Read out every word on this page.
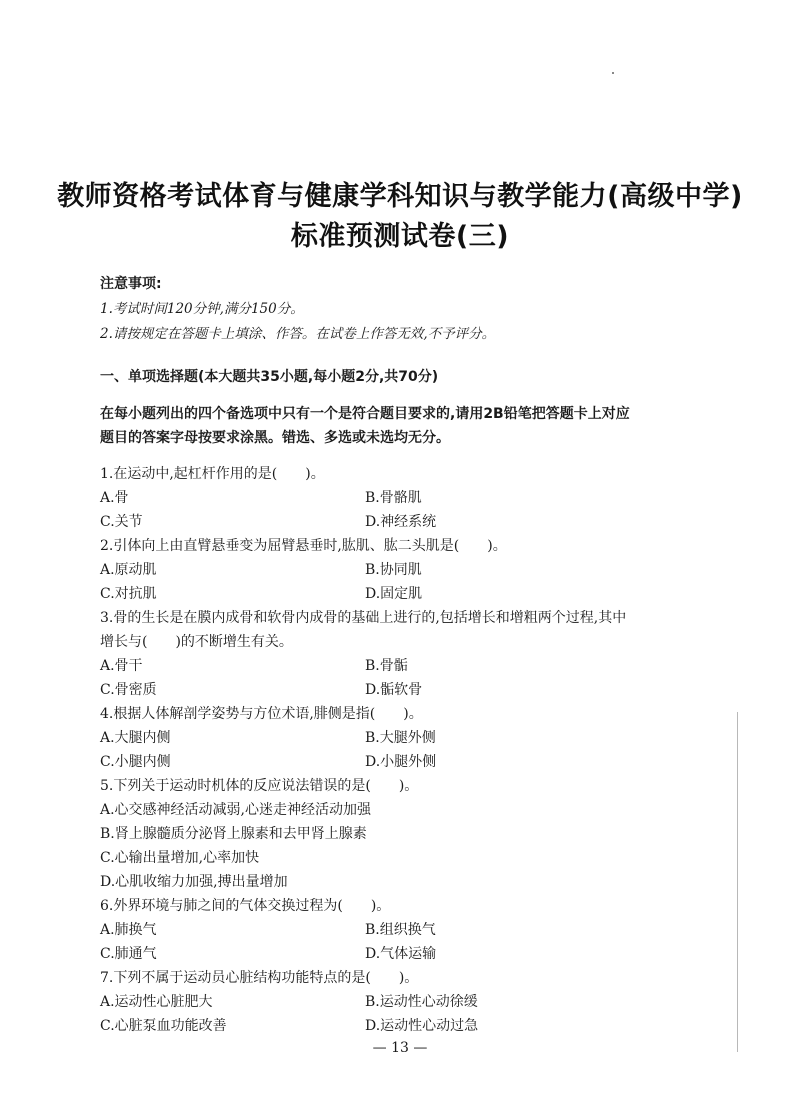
教师资格考试体育与健康学科知识与教学能力(高级中学)
标准预测试卷(三)
注意事项:
1.考试时间120分钟,满分150分。
2.请按规定在答题卡上填涂、作答。在试卷上作答无效,不予评分。
一、单项选择题(本大题共35小题,每小题2分,共70分)
在每小题列出的四个备选项中只有一个是符合题目要求的,请用2B铅笔把答题卡上对应
题目的答案字母按要求涂黑。错选、多选或未选均无分。
1.在运动中,起杠杆作用的是(　　)。
A.骨	B.骨骼肌
C.关节	D.神经系统
2.引体向上由直臂悬垂变为屈臂悬垂时,肱肌、肱二头肌是(　　)。
A.原动肌	B.协同肌
C.对抗肌	D.固定肌
3.骨的生长是在膜内成骨和软骨内成骨的基础上进行的,包括增长和增粗两个过程,其中
增长与(　　)的不断增生有关。
A.骨干	B.骨骺
C.骨密质	D.骺软骨
4.根据人体解剖学姿势与方位术语,腓侧是指(　　)。
A.大腿内侧	B.大腿外侧
C.小腿内侧	D.小腿外侧
5.下列关于运动时机体的反应说法错误的是(　　)。
A.心交感神经活动减弱,心迷走神经活动加强
B.肾上腺髓质分泌肾上腺素和去甲肾上腺素
C.心输出量增加,心率加快
D.心肌收缩力加强,搏出量增加
6.外界环境与肺之间的气体交换过程为(　　)。
A.肺换气	B.组织换气
C.肺通气	D.气体运输
7.下列不属于运动员心脏结构功能特点的是(　　)。
A.运动性心脏肥大	B.运动性心动徐缓
C.心脏泵血功能改善	D.运动性心动过急
— 13 —
